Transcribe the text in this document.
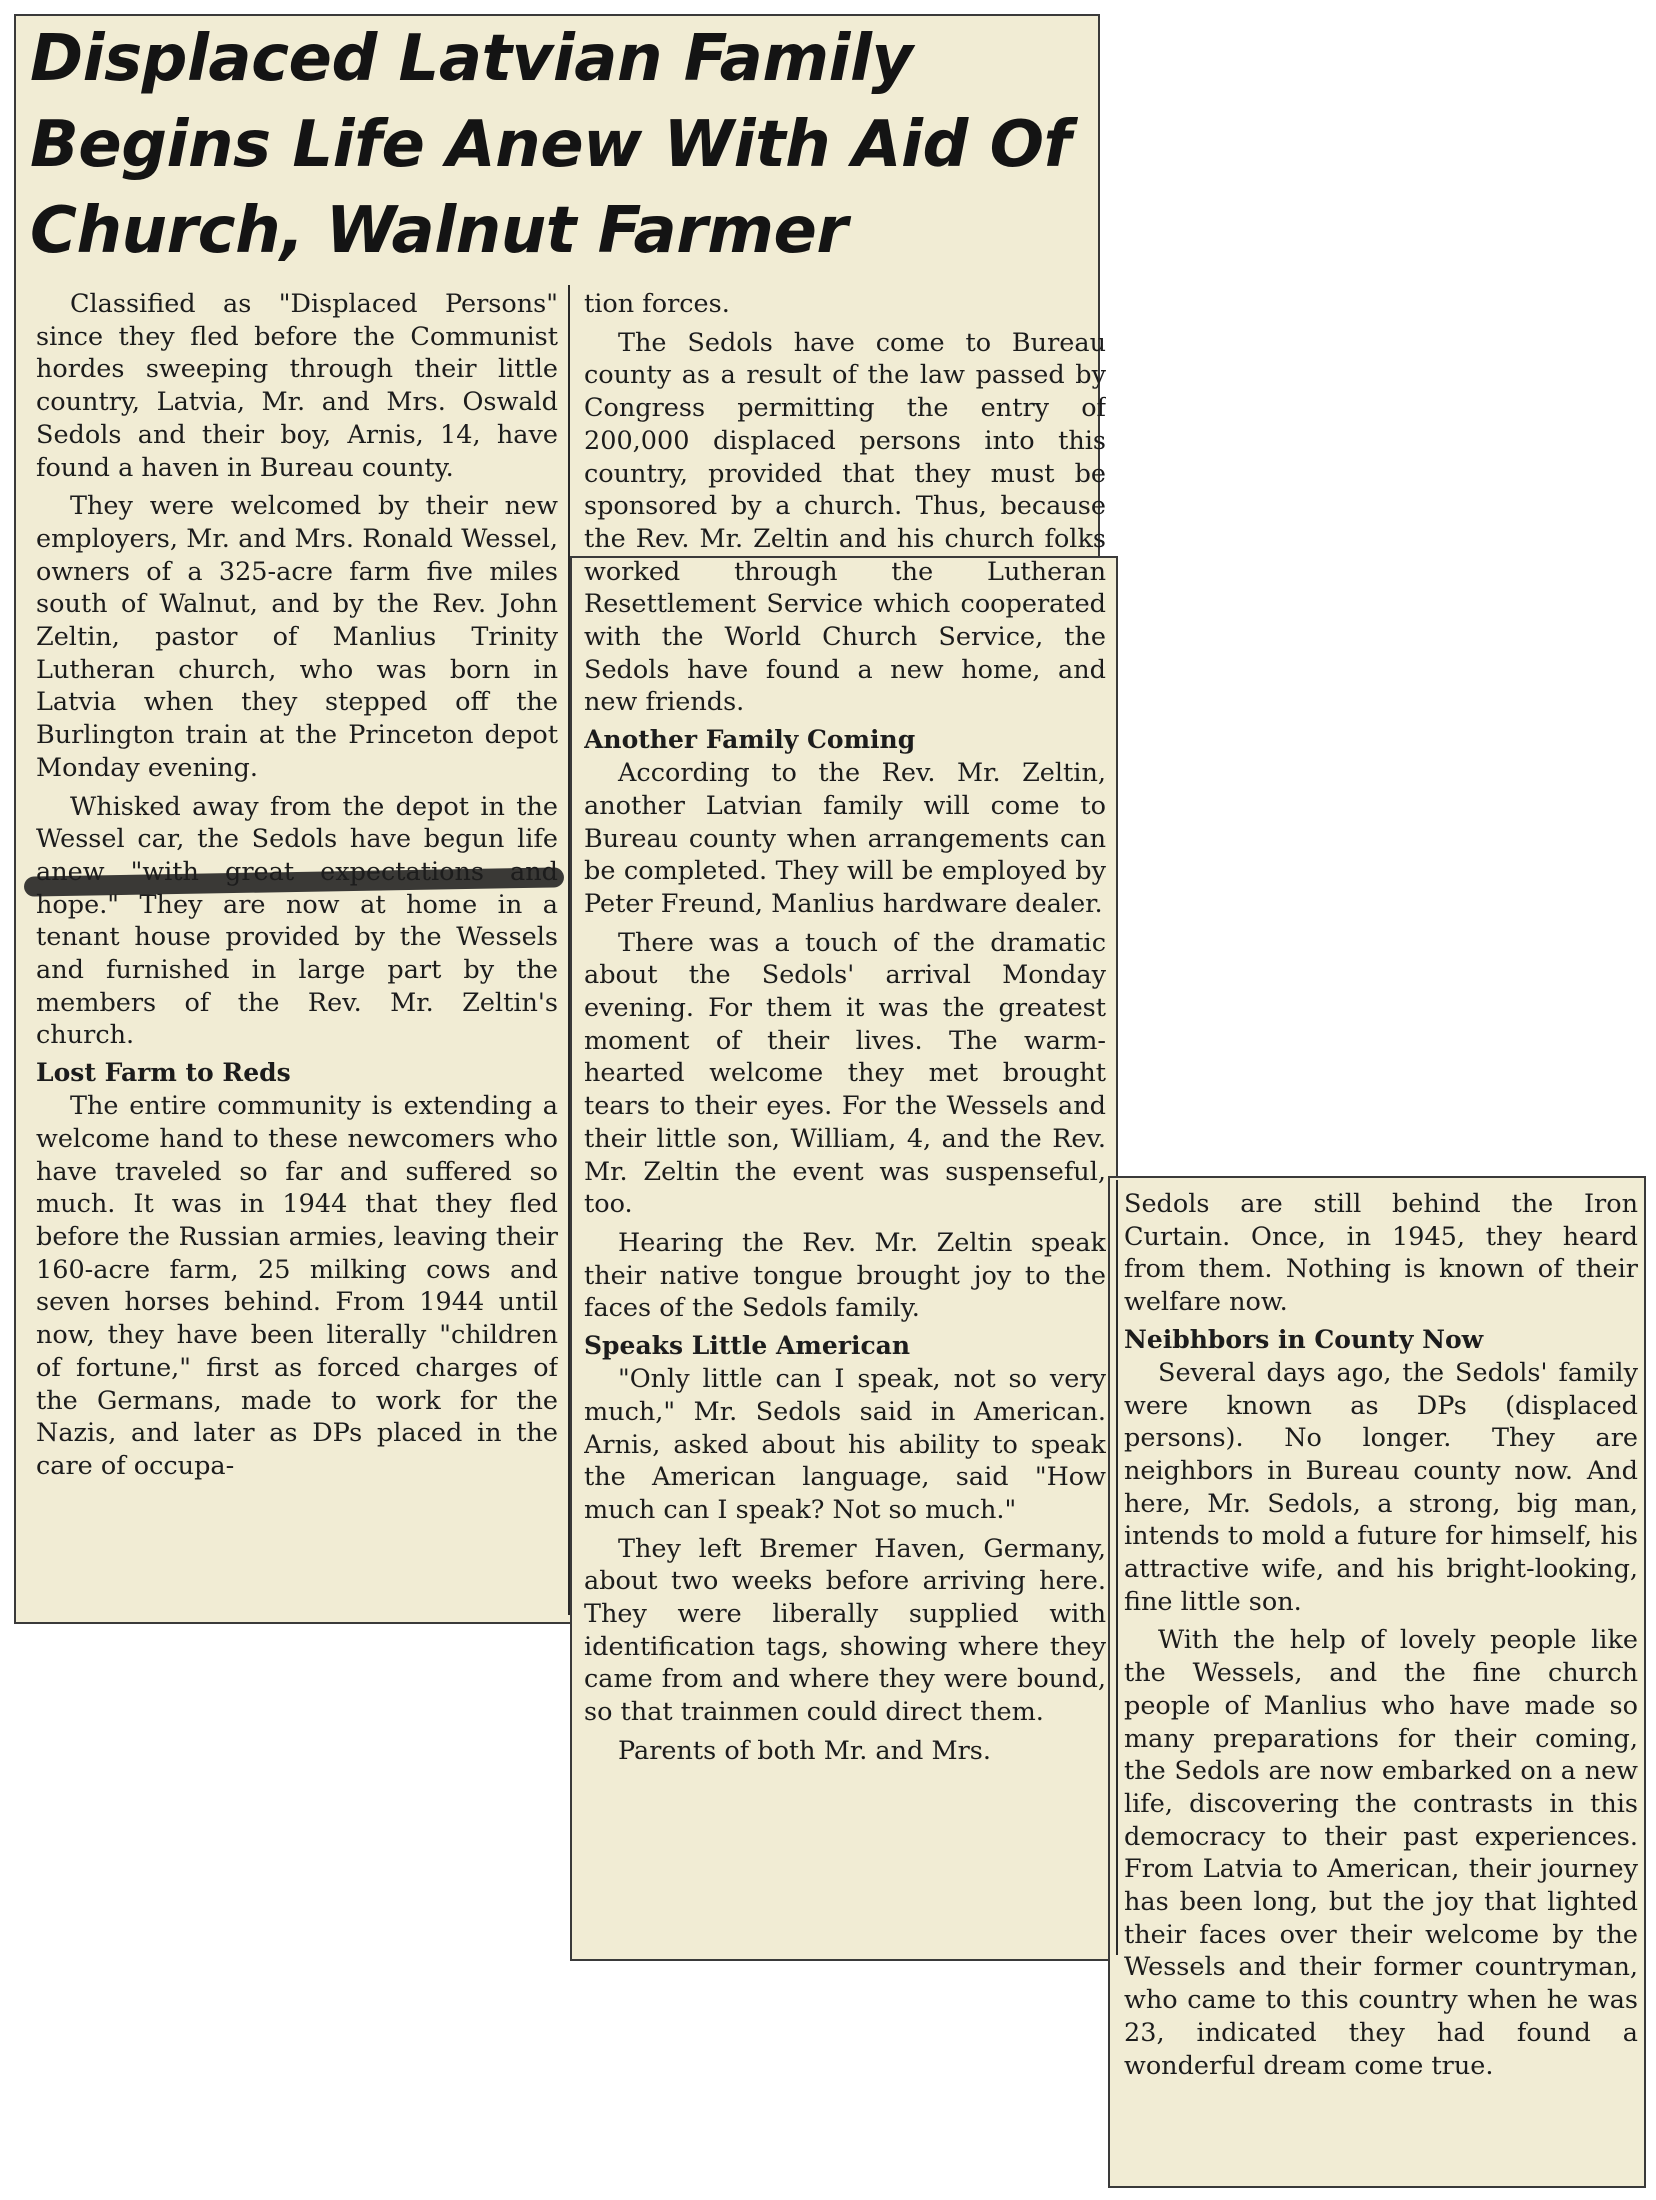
Displaced Latvian Family Begins Life Anew With Aid Of Church, Walnut Farmer

Classified as "Displaced Persons" since they fled before the Communist hordes sweeping through their little country, Latvia, Mr. and Mrs. Oswald Sedols and their boy, Arnis, 14, have found a haven in Bureau county.

They were welcomed by their new employers, Mr. and Mrs. Ronald Wessel, owners of a 325-acre farm five miles south of Walnut, and by the Rev. John Zeltin, pastor of Manlius Trinity Lutheran church, who was born in Latvia when they stepped off the Burlington train at the Princeton depot Monday evening.

Whisked away from the depot in the Wessel car, the Sedols have begun life anew "with great expectations and hope." They are now at home in a tenant house provided by the Wessels and furnished in large part by the members of the Rev. Mr. Zeltin's church.

Lost Farm to Reds

The entire community is extending a welcome hand to these newcomers who have traveled so far and suffered so much. It was in 1944 that they fled before the Russian armies, leaving their 160-acre farm, 25 milking cows and seven horses behind. From 1944 until now, they have been literally "children of fortune," first as forced charges of the Germans, made to work for the Nazis, and later as DPs placed in the care of occupa-

tion forces.

The Sedols have come to Bureau county as a result of the law passed by Congress permitting the entry of 200,000 displaced persons into this country, provided that they must be sponsored by a church. Thus, because the Rev. Mr. Zeltin and his church folks worked through the Lutheran Resettlement Service which cooperated with the World Church Service, the Sedols have found a new home, and new friends.

Another Family Coming

According to the Rev. Mr. Zeltin, another Latvian family will come to Bureau county when arrangements can be completed. They will be employed by Peter Freund, Manlius hardware dealer.

There was a touch of the dramatic about the Sedols' arrival Monday evening. For them it was the greatest moment of their lives. The warm-hearted welcome they met brought tears to their eyes. For the Wessels and their little son, William, 4, and the Rev. Mr. Zeltin the event was suspenseful, too.

Hearing the Rev. Mr. Zeltin speak their native tongue brought joy to the faces of the Sedols family.

Speaks Little American

"Only little can I speak, not so very much," Mr. Sedols said in American. Arnis, asked about his ability to speak the American language, said "How much can I speak? Not so much."

They left Bremer Haven, Germany, about two weeks before arriving here. They were liberally supplied with identification tags, showing where they came from and where they were bound, so that trainmen could direct them.

Parents of both Mr. and Mrs.

Sedols are still behind the Iron Curtain. Once, in 1945, they heard from them. Nothing is known of their welfare now.

Neibhbors in County Now

Several days ago, the Sedols' family were known as DPs (displaced persons). No longer. They are neighbors in Bureau county now. And here, Mr. Sedols, a strong, big man, intends to mold a future for himself, his attractive wife, and his bright-looking, fine little son.

With the help of lovely people like the Wessels, and the fine church people of Manlius who have made so many preparations for their coming, the Sedols are now embarked on a new life, discovering the contrasts in this democracy to their past experiences. From Latvia to American, their journey has been long, but the joy that lighted their faces over their welcome by the Wessels and their former countryman, who came to this country when he was 23, indicated they had found a wonderful dream come true.
